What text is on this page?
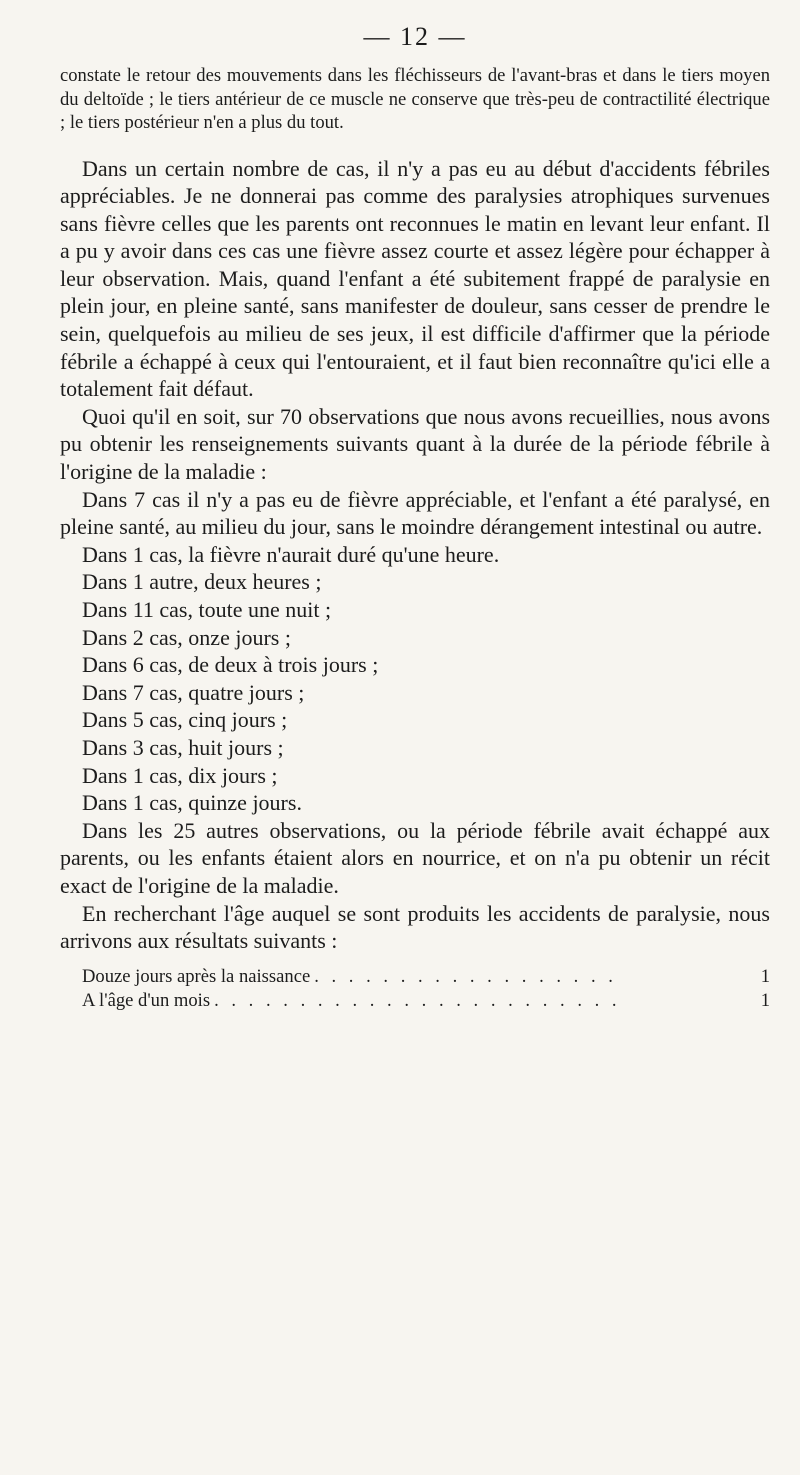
— 12 —

constate le retour des mouvements dans les fléchisseurs de l'avant-bras et dans le tiers moyen du deltoïde ; le tiers antérieur de ce muscle ne conserve que très-peu de contractilité électrique ; le tiers postérieur n'en a plus du tout.

Dans un certain nombre de cas, il n'y a pas eu au début d'accidents fébriles appréciables. Je ne donnerai pas comme des paralysies atrophiques survenues sans fièvre celles que les parents ont reconnues le matin en levant leur enfant. Il a pu y avoir dans ces cas une fièvre assez courte et assez légère pour échapper à leur observation. Mais, quand l'enfant a été subitement frappé de paralysie en plein jour, en pleine santé, sans manifester de douleur, sans cesser de prendre le sein, quelquefois au milieu de ses jeux, il est difficile d'affirmer que la période fébrile a échappé à ceux qui l'entouraient, et il faut bien reconnaître qu'ici elle a totalement fait défaut.

Quoi qu'il en soit, sur 70 observations que nous avons recueillies, nous avons pu obtenir les renseignements suivants quant à la durée de la période fébrile à l'origine de la maladie :

Dans 7 cas il n'y a pas eu de fièvre appréciable, et l'enfant a été paralysé, en pleine santé, au milieu du jour, sans le moindre dérangement intestinal ou autre.

Dans 1 cas, la fièvre n'aurait duré qu'une heure.

Dans 1 autre, deux heures ;

Dans 11 cas, toute une nuit ;

Dans 2 cas, onze jours ;

Dans 6 cas, de deux à trois jours ;

Dans 7 cas, quatre jours ;

Dans 5 cas, cinq jours ;

Dans 3 cas, huit jours ;

Dans 1 cas, dix jours ;

Dans 1 cas, quinze jours.

Dans les 25 autres observations, ou la période fébrile avait échappé aux parents, ou les enfants étaient alors en nourrice, et on n'a pu obtenir un récit exact de l'origine de la maladie.

En recherchant l'âge auquel se sont produits les accidents de paralysie, nous arrivons aux résultats suivants :

Douze jours après la naissance . . .	1
A l'âge d'un mois . . .	1
